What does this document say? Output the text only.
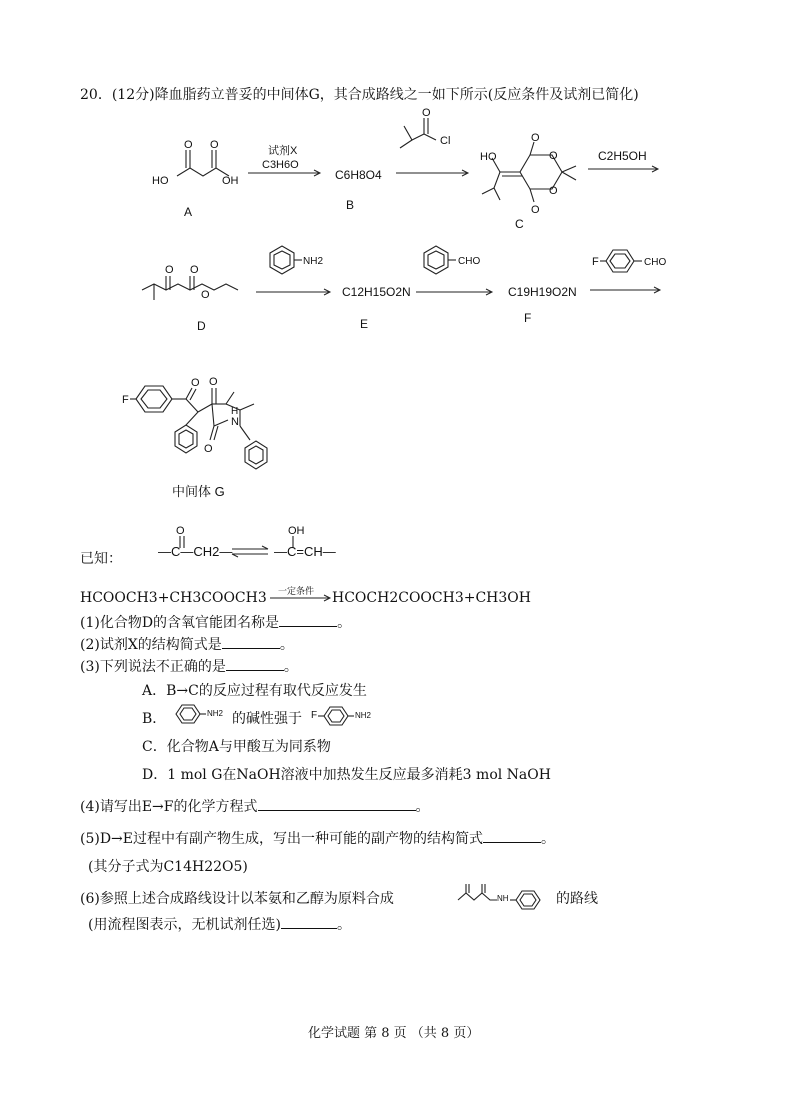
20．(12分)降血脂药立普妥的中间体G，其合成路线之一如下所示(反应条件及试剂已简化)
O O
HO	OH
A
试剂X
C3H6O
C6H8O4
B
O
Cl
HO
O
O
O
O
C
C2H5OH
O O
O
D
NH2
C12H15O2N
E
CHO
C19H19O2N
F
F	CHO
F
O O
O
H
N
中间体 G
O	OH
已知：	—C—CH2—	—C=CH—
HCOOCH3+CH3COOCH3 一定条件 HCOCH2COOCH3+CH3OH
(1)化合物D的含氧官能团名称是	。
(2)试剂X的结构简式是	。
(3)下列说法不正确的是	。
A．B→C的反应过程有取代反应发生
B．	NH2 的碱性强于 F	NH2
C．化合物A与甲酸互为同系物
D．1 mol G在NaOH溶液中加热发生反应最多消耗3 mol NaOH
(4)请写出E→F的化学方程式	。
(5)D→E过程中有副产物生成，写出一种可能的副产物的结构简式	。
(其分子式为C14H22O5)
(6)参照上述合成路线设计以苯氨和乙醇为原料合成	NH	的路线
(用流程图表示，无机试剂任选)	。
化学试题 第 8 页 （共 8 页）
